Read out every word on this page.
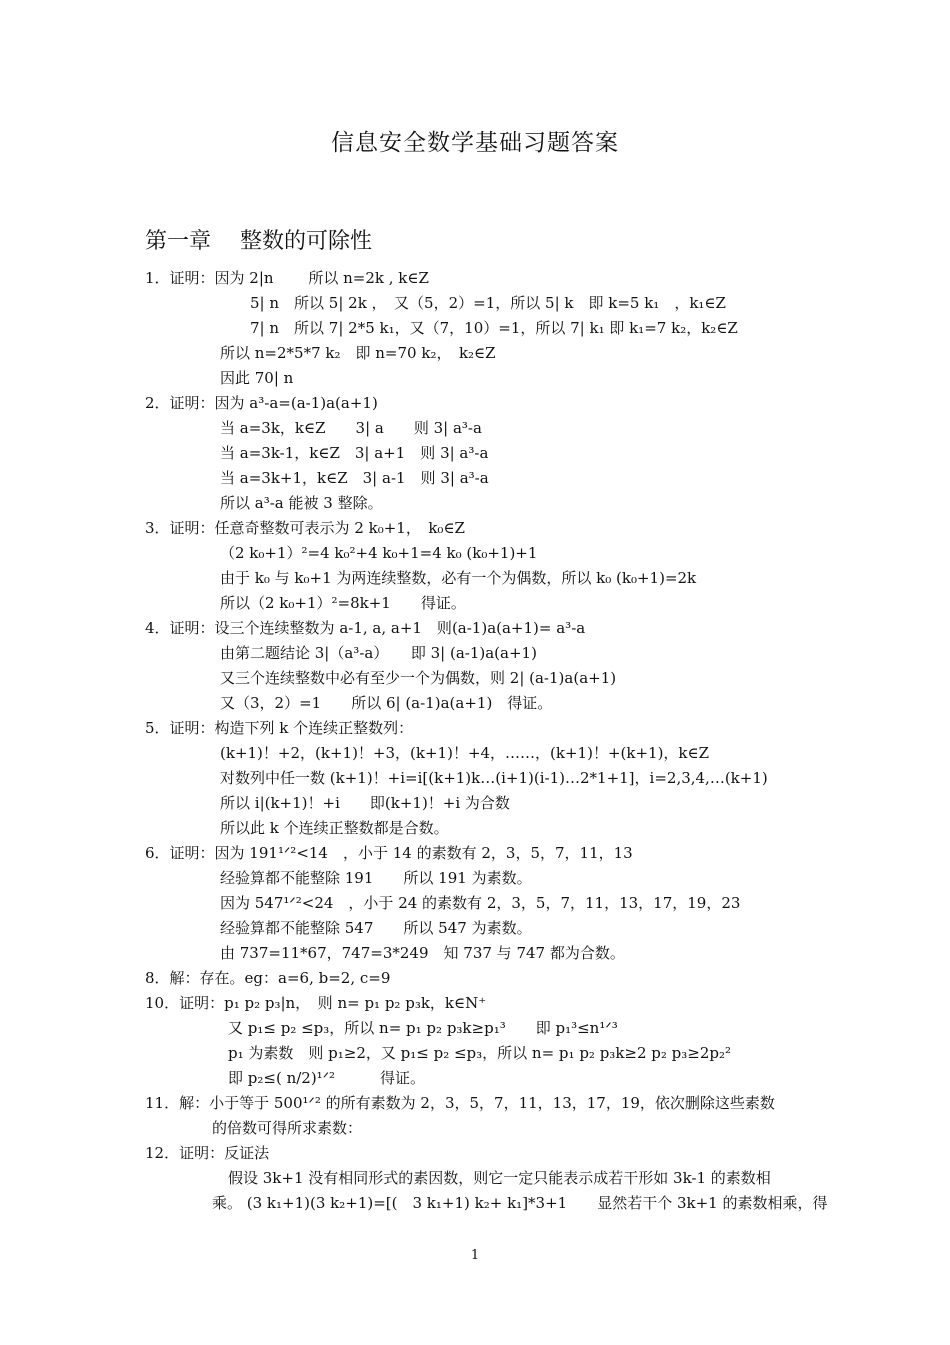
信息安全数学基础习题答案
第一章　 整数的可除性
1．证明：因为 2|n　　 所以 n=2k , k∈Z
5| n　所以 5| 2k ，　又（5，2）=1，所以 5| k　即 k=5 k₁　，k₁∈Z
7| n　所以 7| 2*5 k₁，又（7，10）=1，所以 7| k₁ 即 k₁=7 k₂，k₂∈Z
所以 n=2*5*7 k₂　即 n=70 k₂，　k₂∈Z
因此 70| n
2．证明：因为 a³-a=(a-1)a(a+1)
当 a=3k，k∈Z　　3| a　　则 3| a³-a
当 a=3k-1，k∈Z　3| a+1　则 3| a³-a
当 a=3k+1，k∈Z　3| a-1　则 3| a³-a
所以 a³-a 能被 3 整除。
3．证明：任意奇整数可表示为 2 k₀+1，　k₀∈Z
（2 k₀+1）²=4 k₀²+4 k₀+1=4 k₀ (k₀+1)+1
由于 k₀ 与 k₀+1 为两连续整数，必有一个为偶数，所以 k₀ (k₀+1)=2k
所以（2 k₀+1）²=8k+1　　得证。
4．证明：设三个连续整数为 a-1, a, a+1　则(a-1)a(a+1)= a³-a
由第二题结论 3|（a³-a）　　即 3| (a-1)a(a+1)
又三个连续整数中必有至少一个为偶数，则 2| (a-1)a(a+1)
又（3，2）=1　　所以 6| (a-1)a(a+1)　得证。
5．证明：构造下列 k 个连续正整数列：
(k+1)！+2，(k+1)！+3，(k+1)！+4，……，(k+1)！+(k+1)，k∈Z
对数列中任一数 (k+1)！+i=i[(k+1)k…(i+1)(i-1)…2*1+1]，i=2,3,4,…(k+1)
所以 i|(k+1)！+i　　即(k+1)！+i 为合数
所以此 k 个连续正整数都是合数。
6．证明：因为 191¹ᐟ²<14　，小于 14 的素数有 2，3，5，7，11，13
经验算都不能整除 191　　所以 191 为素数。
因为 547¹ᐟ²<24　，小于 24 的素数有 2，3，5，7，11，13，17，19，23
经验算都不能整除 547　　所以 547 为素数。
由 737=11*67，747=3*249　知 737 与 747 都为合数。
8．解：存在。eg：a=6, b=2, c=9
10．证明：p₁ p₂ p₃|n，　则 n= p₁ p₂ p₃k，k∈N⁺
又 p₁≤ p₂ ≤p₃，所以 n= p₁ p₂ p₃k≥p₁³　　即 p₁³≤n¹ᐟ³
p₁ 为素数　则 p₁≥2，又 p₁≤ p₂ ≤p₃，所以 n= p₁ p₂ p₃k≥2 p₂ p₃≥2p₂²
即 p₂≤( n/2)¹ᐟ²　　　得证。
11．解：小于等于 500¹ᐟ² 的所有素数为 2，3，5，7，11，13，17，19，依次删除这些素数
的倍数可得所求素数：
12．证明：反证法
假设 3k+1 没有相同形式的素因数，则它一定只能表示成若干形如 3k-1 的素数相
乘。 (3 k₁+1)(3 k₂+1)=[(　3 k₁+1) k₂+ k₁]*3+1　　显然若干个 3k+1 的素数相乘，得
1
